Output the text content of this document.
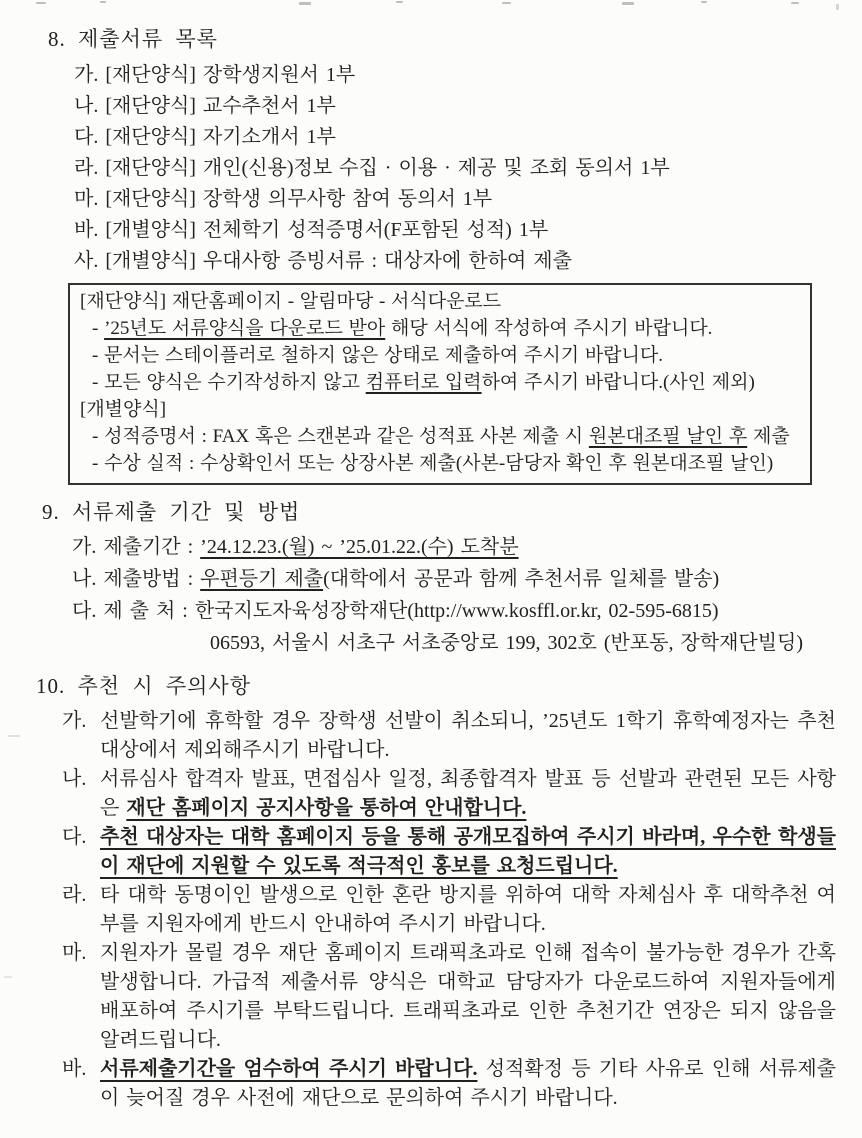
8. 제출서류 목록
가. [재단양식] 장학생지원서 1부
나. [재단양식] 교수추천서 1부
다. [재단양식] 자기소개서 1부
라. [재단양식] 개인(신용)정보 수집 · 이용 · 제공 및 조회 동의서 1부
마. [재단양식] 장학생 의무사항 참여 동의서 1부
바. [개별양식] 전체학기 성적증명서(F포함된 성적) 1부
사. [개별양식] 우대사항 증빙서류 : 대상자에 한하여 제출
[재단양식] 재단홈페이지 - 알림마당 - 서식다운로드
- ’25년도 서류양식을 다운로드 받아 해당 서식에 작성하여 주시기 바랍니다.
- 문서는 스테이플러로 철하지 않은 상태로 제출하여 주시기 바랍니다.
- 모든 양식은 수기작성하지 않고 컴퓨터로 입력하여 주시기 바랍니다.(사인 제외)
[개별양식]
- 성적증명서 : FAX 혹은 스캔본과 같은 성적표 사본 제출 시 원본대조필 날인 후 제출
- 수상 실적 : 수상확인서 또는 상장사본 제출(사본-담당자 확인 후 원본대조필 날인)
9. 서류제출 기간 및 방법
가. 제출기간 : ’24.12.23.(월) ~ ’25.01.22.(수) 도착분
나. 제출방법 : 우편등기 제출(대학에서 공문과 함께 추천서류 일체를 발송)
다. 제 출 처 : 한국지도자육성장학재단(http://www.kosffl.or.kr, 02-595-6815)
06593, 서울시 서초구 서초중앙로 199, 302호 (반포동, 장학재단빌딩)
10. 추천 시 주의사항
가. 선발학기에 휴학할 경우 장학생 선발이 취소되니, ’25년도 1학기 휴학예정자는 추천대상에서 제외해주시기 바랍니다.

나. 서류심사 합격자 발표, 면접심사 일정, 최종합격자 발표 등 선발과 관련된 모든 사항은 재단 홈페이지 공지사항을 통하여 안내합니다.

다. 추천 대상자는 대학 홈페이지 등을 통해 공개모집하여 주시기 바라며, 우수한 학생들이 재단에 지원할 수 있도록 적극적인 홍보를 요청드립니다.

라. 타 대학 동명이인 발생으로 인한 혼란 방지를 위하여 대학 자체심사 후 대학추천 여부를 지원자에게 반드시 안내하여 주시기 바랍니다.

마. 지원자가 몰릴 경우 재단 홈페이지 트래픽초과로 인해 접속이 불가능한 경우가 간혹 발생합니다. 가급적 제출서류 양식은 대학교 담당자가 다운로드하여 지원자들에게 배포하여 주시기를 부탁드립니다. 트래픽초과로 인한 추천기간 연장은 되지 않음을 알려드립니다.

바. 서류제출기간을 엄수하여 주시기 바랍니다. 성적확정 등 기타 사유로 인해 서류제출이 늦어질 경우 사전에 재단으로 문의하여 주시기 바랍니다.
